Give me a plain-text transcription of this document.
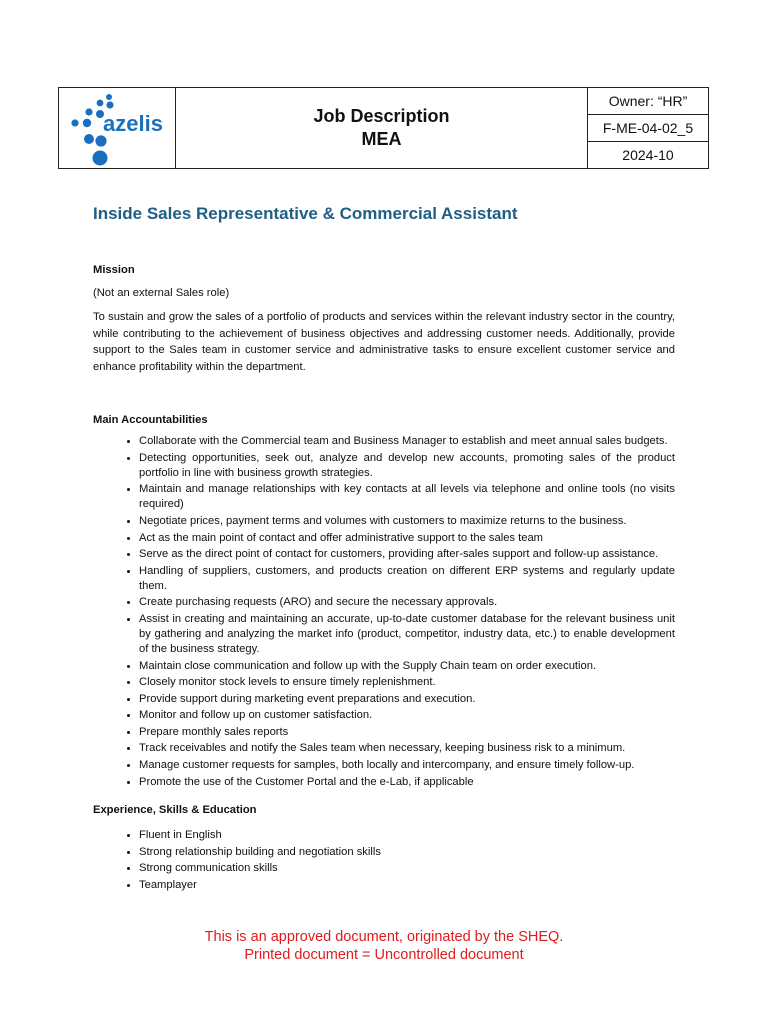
azelis	Job Description
MEA
Owner: “HR”
F-ME-04-02_5
2024-10
Inside Sales Representative & Commercial Assistant
Mission

(Not an external Sales role)

To sustain and grow the sales of a portfolio of products and services within the relevant industry sector in the country, while contributing to the achievement of business objectives and addressing customer needs. Additionally, provide support to the Sales team in customer service and administrative tasks to ensure excellent customer service and enhance profitability within the department.

Main Accountabilities
• Collaborate with the Commercial team and Business Manager to establish and meet annual sales budgets.
• Detecting opportunities, seek out, analyze and develop new accounts, promoting sales of the product portfolio in line with business growth strategies.
• Maintain and manage relationships with key contacts at all levels via telephone and online tools (no visits required)
• Negotiate prices, payment terms and volumes with customers to maximize returns to the business.
• Act as the main point of contact and offer administrative support to the sales team
• Serve as the direct point of contact for customers, providing after-sales support and follow-up assistance.
• Handling of suppliers, customers, and products creation on different ERP systems and regularly update them.
• Create purchasing requests (ARO) and secure the necessary approvals.
• Assist in creating and maintaining an accurate, up-to-date customer database for the relevant business unit by gathering and analyzing the market info (product, competitor, industry data, etc.) to enable development of the business strategy.
• Maintain close communication and follow up with the Supply Chain team on order execution.
• Closely monitor stock levels to ensure timely replenishment.
• Provide support during marketing event preparations and execution.
• Monitor and follow up on customer satisfaction.
• Prepare monthly sales reports
• Track receivables and notify the Sales team when necessary, keeping business risk to a minimum.
• Manage customer requests for samples, both locally and intercompany, and ensure timely follow-up.
• Promote the use of the Customer Portal and the e-Lab, if applicable
Experience, Skills & Education
• Fluent in English
• Strong relationship building and negotiation skills
• Strong communication skills
• Teamplayer
This is an approved document, originated by the SHEQ.
Printed document = Uncontrolled document
